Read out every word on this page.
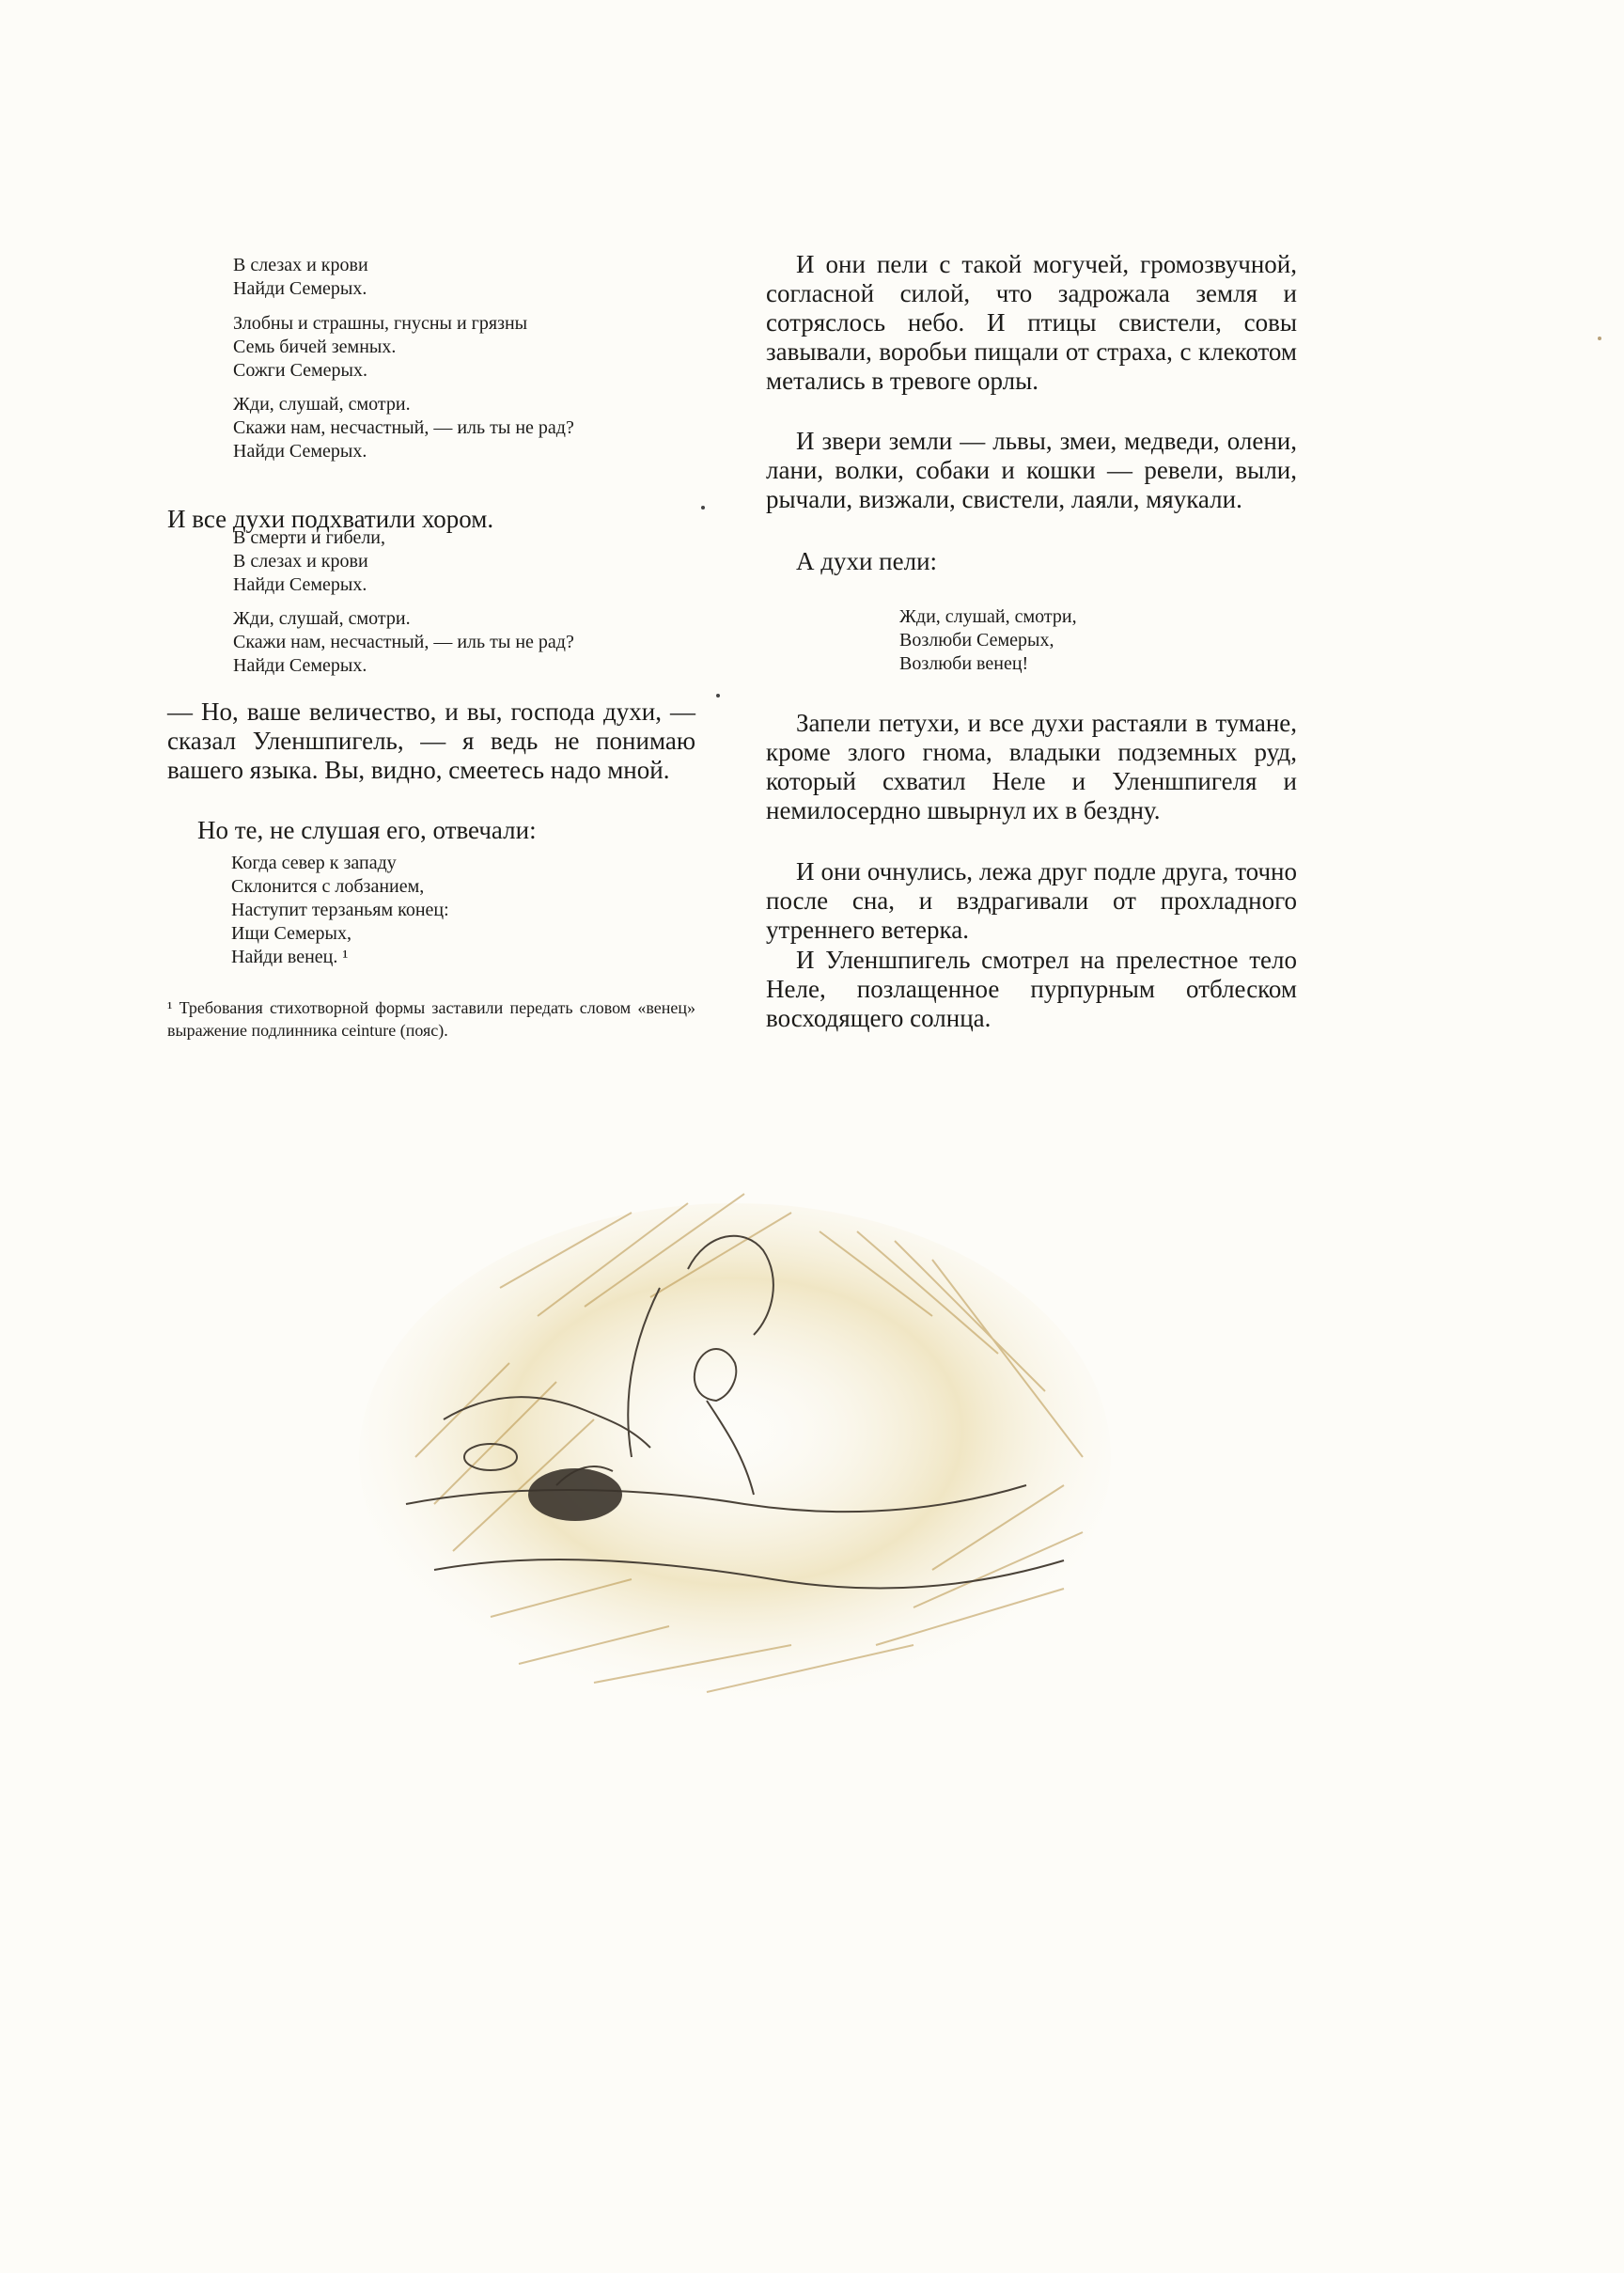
В слезах и крови
Найди Семерых.
Злобны и страшны, гнусны и грязны
Семь бичей земных.
Сожги Семерых.
Жди, слушай, смотри.
Скажи нам, несчастный, — иль ты не рад?
Найди Семерых.

И все духи подхватили хором.

В смерти и гибели,
В слезах и крови
Найди Семерых.
Жди, слушай, смотри.
Скажи нам, несчастный, — иль ты не рад?
Найди Семерых.

— Но, ваше величество, и вы, господа духи, — сказал Уленшпигель, — я ведь не понимаю вашего языка. Вы, видно, смеетесь надо мной.

Но те, не слушая его, отвечали:

Когда север к западу
Склонится с лобзанием,
Наступит терзаньям конец:
Ищи Семерых,
Найди венец. ¹

¹ Требования стихотворной формы заставили передать словом «венец» выражение подлинника ceinture (пояс).

И они пели с такой могучей, громозвучной, согласной силой, что задрожала земля и сотряслось небо. И птицы свистели, совы завывали, воробьи пищали от страха, с клекотом метались в тревоге орлы.

И звери земли — львы, змеи, медведи, олени, лани, волки, собаки и кошки — ревели, выли, рычали, визжали, свистели, лаяли, мяукали.

А духи пели:

Жди, слушай, смотри,
Возлюби Семерых,
Возлюби венец!

Запели петухи, и все духи растаяли в тумане, кроме злого гнома, владыки подземных руд, который схватил Неле и Уленшпигеля и немилосердно швырнул их в бездну.

И они очнулись, лежа друг подле друга, точно после сна, и вздрагивали от прохладного утреннего ветерка.

И Уленшпигель смотрел на прелестное тело Неле, позлащенное пурпурным отблеском восходящего солнца.
